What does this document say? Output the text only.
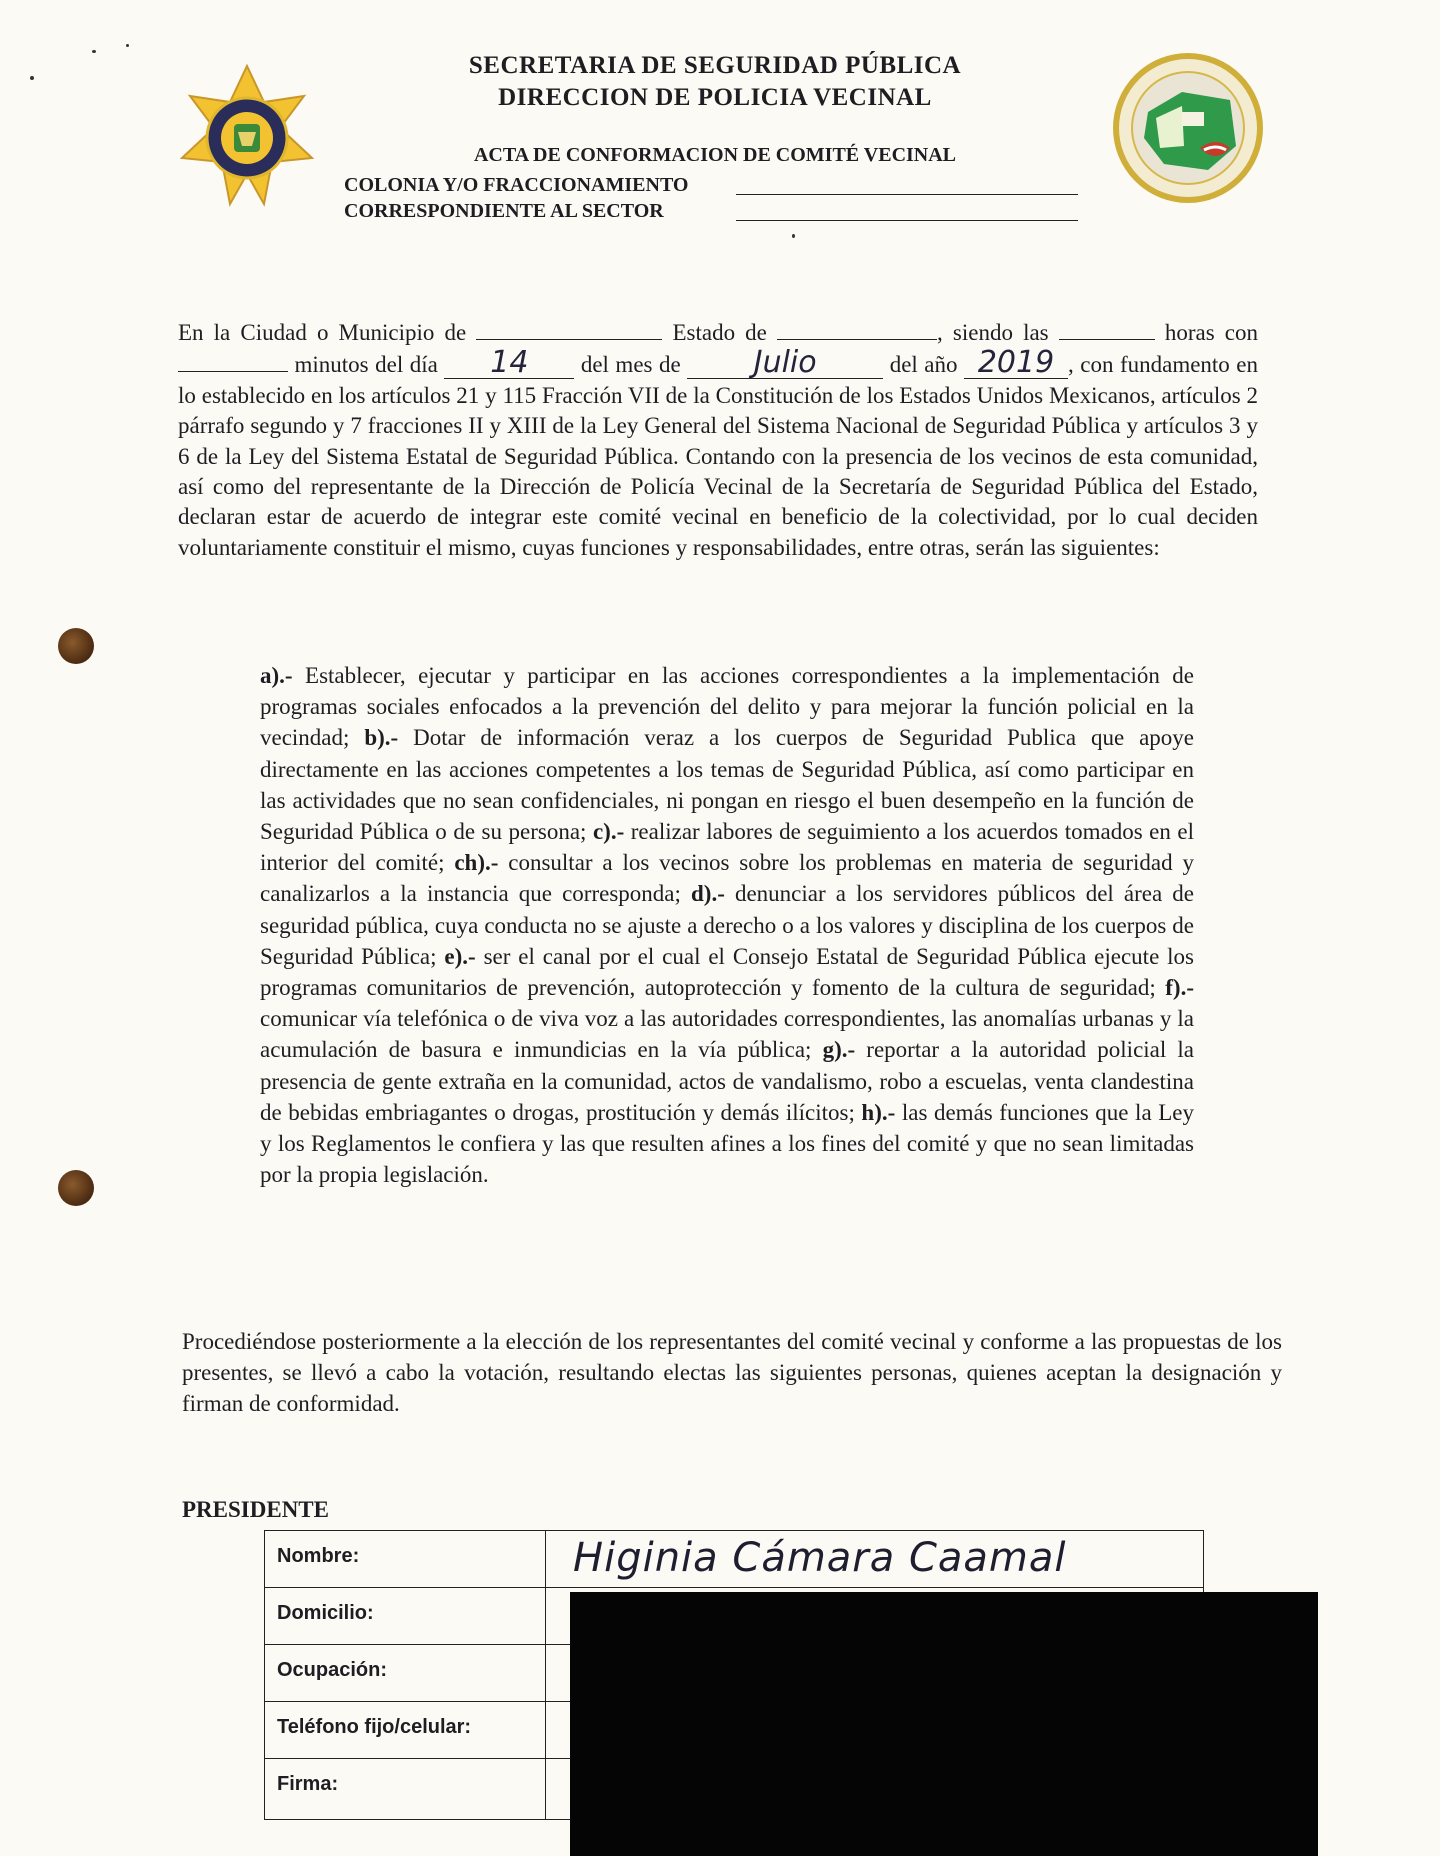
SECRETARIA DE SEGURIDAD PÚBLICA
DIRECCION DE POLICIA VECINAL
ACTA DE CONFORMACION DE COMITÉ VECINAL
COLONIA Y/O FRACCIONAMIENTO
CORRESPONDIENTE AL SECTOR

En la Ciudad o Municipio de	Estado de	, siendo las	horas con  minutos del día 14 del mes de Julio	del año 2019 , con fundamento en lo establecido en los artículos 21 y 115 Fracción VII de la Constitución de los Estados Unidos Mexicanos, artículos 2 párrafo segundo y 7 fracciones II y XIII de la Ley General del Sistema Nacional de Seguridad Pública y artículos 3 y 6 de la Ley del Sistema Estatal de Seguridad Pública. Contando con la presencia de los vecinos de esta comunidad, así como del representante de la Dirección de Policía Vecinal de la Secretaría de Seguridad Pública del Estado, declaran estar de acuerdo de integrar este comité vecinal en beneficio de la colectividad, por lo cual deciden voluntariamente constituir el mismo, cuyas funciones y responsabilidades, entre otras, serán las siguientes:

a).- Establecer, ejecutar y participar en las acciones correspondientes a la implementación de programas sociales enfocados a la prevención del delito y para mejorar la función policial en la vecindad; b).- Dotar de información veraz a los cuerpos de Seguridad Publica que apoye directamente en las acciones competentes a los temas de Seguridad Pública, así como participar en las actividades que no sean confidenciales, ni pongan en riesgo el buen desempeño en la función de Seguridad Pública o de su persona; c).- realizar labores de seguimiento a los acuerdos tomados en el interior del comité; ch).- consultar a los vecinos sobre los problemas en materia de seguridad y canalizarlos a la instancia que corresponda; d).- denunciar a los servidores públicos del área de seguridad pública, cuya conducta no se ajuste a derecho o a los valores y disciplina de los cuerpos de Seguridad Pública; e).- ser el canal por el cual el Consejo Estatal de Seguridad Pública ejecute los programas comunitarios de prevención, autoprotección y fomento de la cultura de seguridad; f).- comunicar vía telefónica o de viva voz a las autoridades correspondientes, las anomalías urbanas y la acumulación de basura e inmundicias en la vía pública; g).- reportar a la autoridad policial la presencia de gente extraña en la comunidad, actos de vandalismo, robo a escuelas, venta clandestina de bebidas embriagantes o drogas, prostitución y demás ilícitos; h).- las demás funciones que la Ley y los Reglamentos le confiera y las que resulten afines a los fines del comité y que no sean limitadas por la propia legislación.
Procediéndose posteriormente a la elección de los representantes del comité vecinal y conforme a las propuestas de los presentes, se llevó a cabo la votación, resultando electas las siguientes personas, quienes aceptan la designación y firman de conformidad.
PRESIDENTE
Nombre:	Higinia Cámara Caamal
Domicilio:
Ocupación:
Teléfono fijo/celular:
Firma:
